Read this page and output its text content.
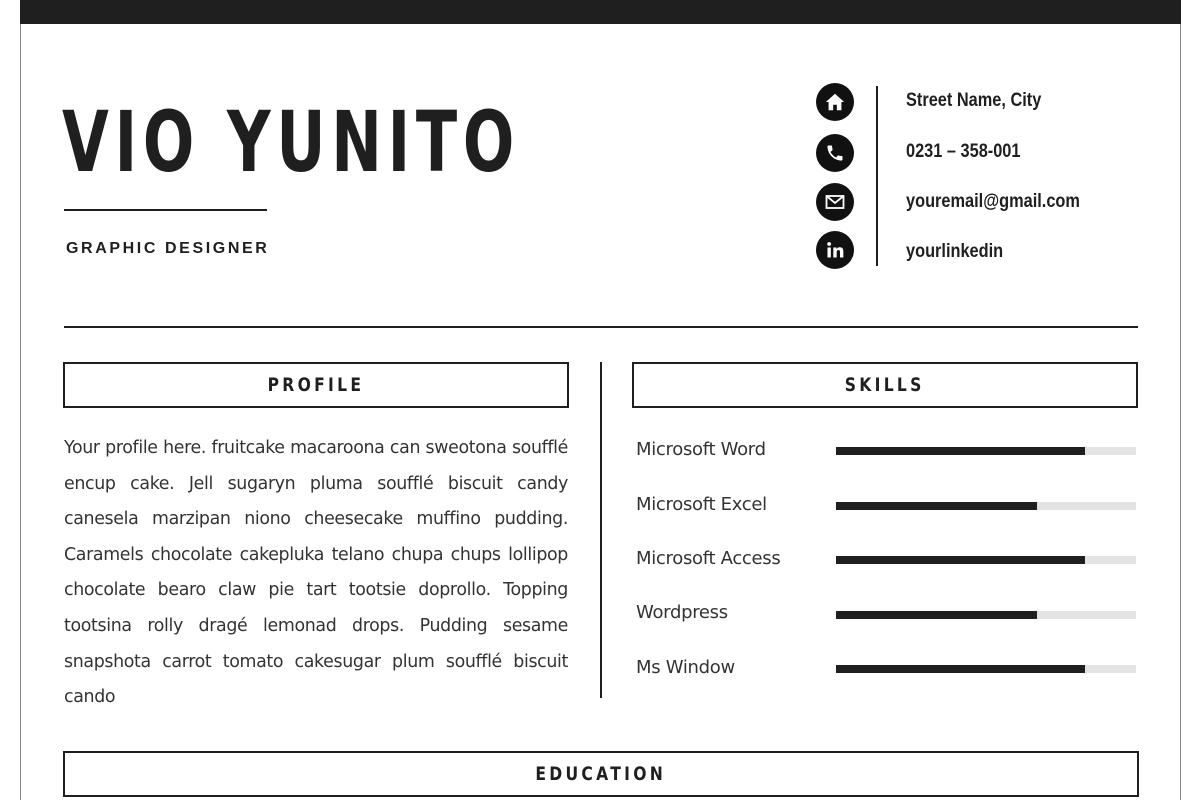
VIO YUNITO
GRAPHIC DESIGNER
Street Name, City
0231 – 358-001
youremail@gmail.com
yourlinkedin
PROFILE
Your profile here. fruitcake macaroona can sweotona soufflé encup cake. Jell sugaryn pluma soufflé biscuit candy canesela marzipan niono cheesecake muffino pudding. Caramels chocolate cakepluka telano chupa chups lollipop chocolate bearo claw pie tart tootsie doprollo. Topping tootsina rolly dragé lemonad drops. Pudding sesame snapshota carrot tomato cakesugar plum soufflé biscuit cando
SKILLS
Microsoft Word
Microsoft Excel
Microsoft Access
Wordpress
Ms Window
EDUCATION
